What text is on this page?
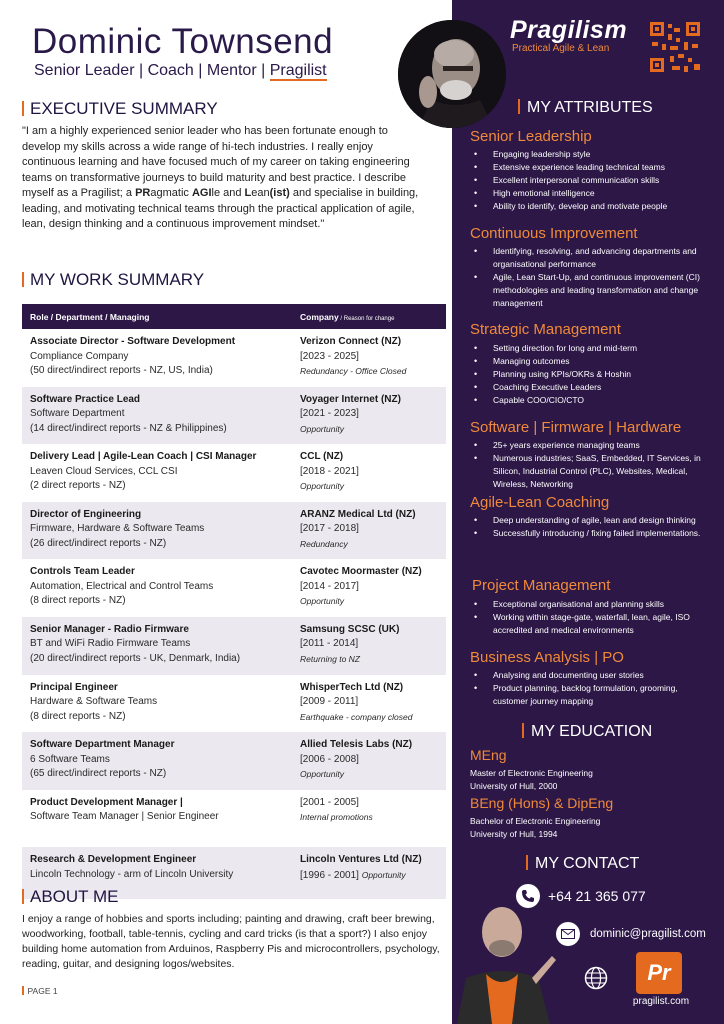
Dominic Townsend
Senior Leader | Coach | Mentor | Pragilist
EXECUTIVE SUMMARY
"I am a highly experienced senior leader who has been fortunate enough to develop my skills across a wide range of hi-tech industries. I really enjoy continuous learning and have focused much of my career on taking engineering teams on transformative journeys to build maturity and best practice. I describe myself as a Pragilist; a PRagmatic AGIle and Lean(ist) and specialise in building, leading, and motivating technical teams through the practical application of agile, lean, design thinking and a continuous improvement mindset."
MY WORK SUMMARY
Role / Department / Managing	Company / Reason for change
Associate Director - Software Development
Compliance Company
(50 direct/indirect reports - NZ, US, India)
Verizon Connect (NZ)
[2023 - 2025]
Redundancy - Office Closed
Software Practice Lead
Software Department
(14 direct/indirect reports - NZ & Philippines)
Voyager Internet (NZ)
[2021 - 2023]
Opportunity
Delivery Lead | Agile-Lean Coach | CSI Manager
Leaven Cloud Services, CCL CSI
(2 direct reports - NZ)
CCL (NZ)
[2018 - 2021]
Opportunity
Director of Engineering
Firmware, Hardware & Software Teams
(26 direct/indirect reports - NZ)
ARANZ Medical Ltd (NZ)
[2017 - 2018]
Redundancy
Controls Team Leader
Automation, Electrical and Control Teams
(8 direct reports - NZ)
Cavotec Moormaster (NZ)
[2014 - 2017]
Opportunity
Senior Manager - Radio Firmware
BT and WiFi Radio Firmware Teams
(20 direct/indirect reports - UK, Denmark, India)
Samsung SCSC (UK)
[2011 - 2014]
Returning to NZ
Principal Engineer
Hardware & Software Teams
(8 direct reports - NZ)
WhisperTech Ltd (NZ)
[2009 - 2011]
Earthquake - company closed
Software Department Manager
6 Software Teams
(65 direct/indirect reports - NZ)
Allied Telesis Labs (NZ)
[2006 - 2008]
Opportunity
Product Development Manager |
Software Team Manager | Senior Engineer
[2001 - 2005]
Internal promotions
Research & Development Engineer
Lincoln Technology - arm of Lincoln University
Lincoln Ventures Ltd (NZ)
[1996 - 2001] Opportunity
ABOUT ME
I enjoy a range of hobbies and sports including; painting and drawing, craft beer brewing, woodworking, football, table-tennis, cycling and card tricks (is that a sport?) I also enjoy building home automation from Arduinos, Raspberry Pis and microcontrollers, psychology, reading, guitar, and designing logos/websites.
PAGE 1
Pragilism
Practical Agile & Lean
MY ATTRIBUTES
Senior Leadership
• Engaging leadership style
• Extensive experience leading technical teams
• Excellent interpersonal communication skills
• High emotional intelligence
• Ability to identify, develop and motivate people
Continuous Improvement
• Identifying, resolving, and advancing departments and organisational performance
• Agile, Lean Start-Up, and continuous improvement (CI) methodologies and leading transformation and change management
Strategic Management
• Setting direction for long and mid-term
• Managing outcomes
• Planning using KPIs/OKRs & Hoshin
• Coaching Executive Leaders
• Capable COO/CIO/CTO
Software | Firmware | Hardware
• 25+ years experience managing teams
• Numerous industries; SaaS, Embedded, IT Services, in Silicon, Industrial Control (PLC), Websites, Medical, Wireless, Networking
Agile-Lean Coaching
• Deep understanding of agile, lean and design thinking
• Successfully introducing / fixing failed implementations.
Project Management
• Exceptional organisational and planning skills
• Working within stage-gate, waterfall, lean, agile, ISO accredited and medical environments
Business Analysis | PO
• Analysing and documenting user stories
• Product planning, backlog formulation, grooming, customer journey mapping
MY EDUCATION
MEng
Master of Electronic Engineering
University of Hull, 2000
BEng (Hons) & DipEng
Bachelor of Electronic Engineering
University of Hull, 1994
MY CONTACT
+64 21 365 077
dominic@pragilist.com
Pr
pragilist.com
